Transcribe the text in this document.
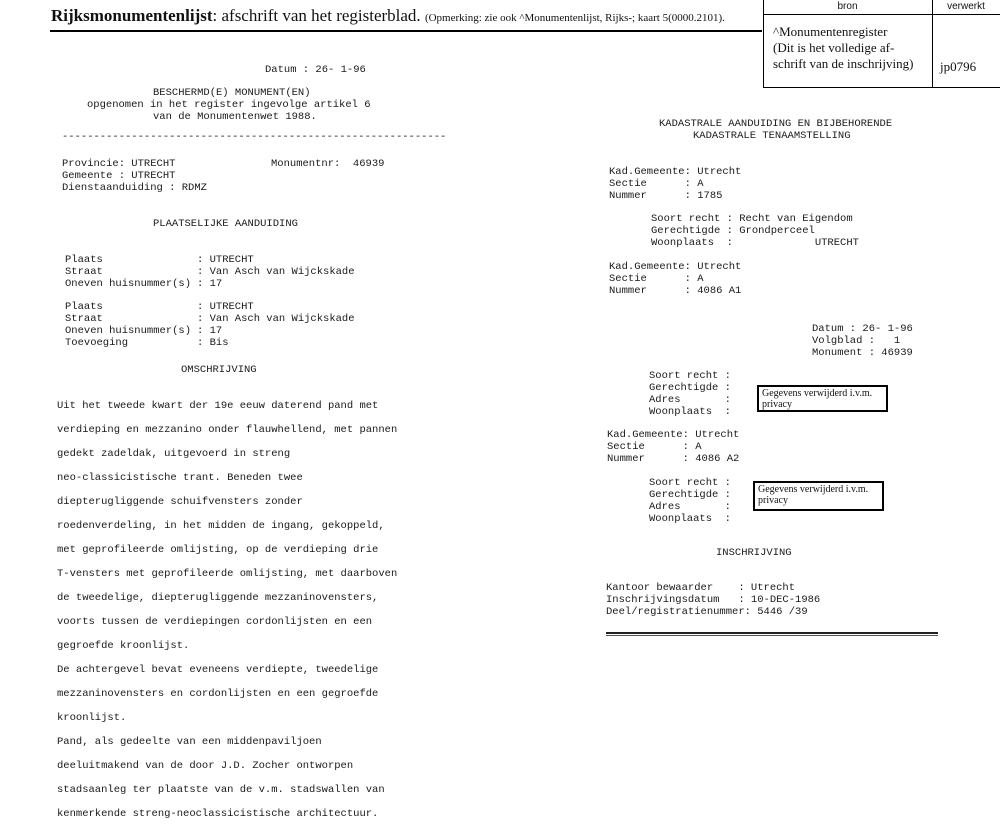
Rijksmonumentenlijst: afschrift van het registerblad. (Opmerking: zie ook ^Monumentenlijst, Rijks-; kaart 5(0000.2101).
bron	verwerkt
^Monumentenregister
(Dit is het volledige af-
schrift van de inschrijving)	jp0796
Datum : 26- 1-96
BESCHERMD(E) MONUMENT(EN)
opgenomen in het register ingevolge artikel 6
van de Monumentenwet 1988.
-------------------------------------------------------------
Provincie: UTRECHT	Monumentnr:  46939
Gemeente : UTRECHT
Dienstaanduiding : RDMZ
PLAATSELIJKE AANDUIDING
Plaats	: UTRECHT
Straat	: Van Asch van Wijckskade
Oneven huisnummer(s) : 17
Plaats	: UTRECHT
Straat	: Van Asch van Wijckskade
Oneven huisnummer(s) : 17
Toevoeging	: Bis
OMSCHRIJVING

Uit het tweede kwart der 19e eeuw daterend pand met

verdieping en mezzanino onder flauwhellend, met pannen

gedekt zadeldak, uitgevoerd in streng

neo-classicistische trant. Beneden twee

diepterugliggende schuifvensters zonder

roedenverdeling, in het midden de ingang, gekoppeld,

met geprofileerde omlijsting, op de verdieping drie

T-vensters met geprofileerde omlijsting, met daarboven

de tweedelige, diepterugliggende mezzaninovensters,

voorts tussen de verdiepingen cordonlijsten en een

gegroefde kroonlijst.

De achtergevel bevat eveneens verdiepte, tweedelige

mezzaninovensters en cordonlijsten en een gegroefde

kroonlijst.

Pand, als gedeelte van een middenpaviljoen

deeluitmakend van de door J.D. Zocher ontworpen

stadsaanleg ter plaatste van de v.m. stadswallen van

kenmerkende streng-neoclassicistische architectuur.

KADASTRALE AANDUIDING EN BIJBEHORENDE
KADASTRALE TENAAMSTELLING
Kad.Gemeente: Utrecht
Sectie      : A
Nummer      : 1785
Soort recht : Recht van Eigendom
Gerechtigde : Grondperceel
Woonplaats  :             UTRECHT
Kad.Gemeente: Utrecht
Sectie      : A
Nummer      : 4086 A1
Datum : 26- 1-96
Volgblad :   1
Monument : 46939
Soort recht :
Gerechtigde :
Adres       :
Woonplaats  :
Gegevens verwijderd i.v.m. privacy
Kad.Gemeente: Utrecht
Sectie      : A
Nummer      : 4086 A2
Soort recht :
Gerechtigde :
Adres       :
Woonplaats  :
Gegevens verwijderd i.v.m. privacy
INSCHRIJVING
Kantoor bewaarder    : Utrecht
Inschrijvingsdatum   : 10-DEC-1986
Deel/registratienummer: 5446 /39
